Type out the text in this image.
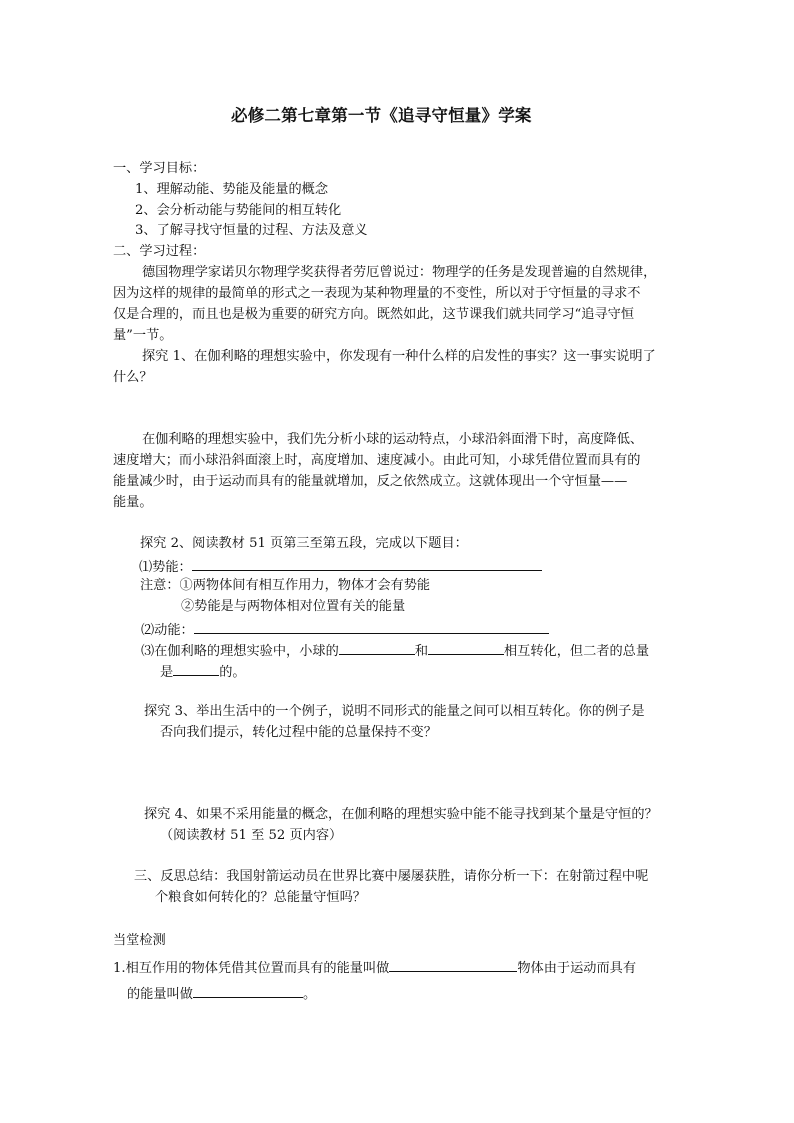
必修二第七章第一节《追寻守恒量》学案
一、学习目标：
1、理解动能、势能及能量的概念
2、会分析动能与势能间的相互转化
3、了解寻找守恒量的过程、方法及意义
二、学习过程：
德国物理学家诺贝尔物理学奖获得者劳厄曾说过：物理学的任务是发现普遍的自然规律，
因为这样的规律的最简单的形式之一表现为某种物理量的不变性，所以对于守恒量的寻求不
仅是合理的，而且也是极为重要的研究方向。既然如此，这节课我们就共同学习“追寻守恒
量”一节。
探究 1、在伽利略的理想实验中，你发现有一种什么样的启发性的事实？这一事实说明了
什么？
在伽利略的理想实验中，我们先分析小球的运动特点，小球沿斜面滑下时，高度降低、
速度增大；而小球沿斜面滚上时，高度增加、速度减小。由此可知，小球凭借位置而具有的
能量减少时，由于运动而具有的能量就增加，反之依然成立。这就体现出一个守恒量——
能量。
探究 2、阅读教材 51 页第三至第五段，完成以下题目：
⑴势能：
注意：①两物体间有相互作用力，物体才会有势能
②势能是与两物体相对位置有关的能量
⑵动能：
⑶在伽利略的理想实验中，小球的	和	相互转化，但二者的总量
是	的。
探究 3、举出生活中的一个例子，说明不同形式的能量之间可以相互转化。你的例子是
否向我们提示，转化过程中能的总量保持不变？
探究 4、如果不采用能量的概念，在伽利略的理想实验中能不能寻找到某个量是守恒的？
（阅读教材 51 至 52 页内容）
三、反思总结：我国射箭运动员在世界比赛中屡屡获胜，请你分析一下：在射箭过程中呢
个粮食如何转化的？总能量守恒吗？
当堂检测
1.相互作用的物体凭借其位置而具有的能量叫做	物体由于运动而具有
的能量叫做	。
